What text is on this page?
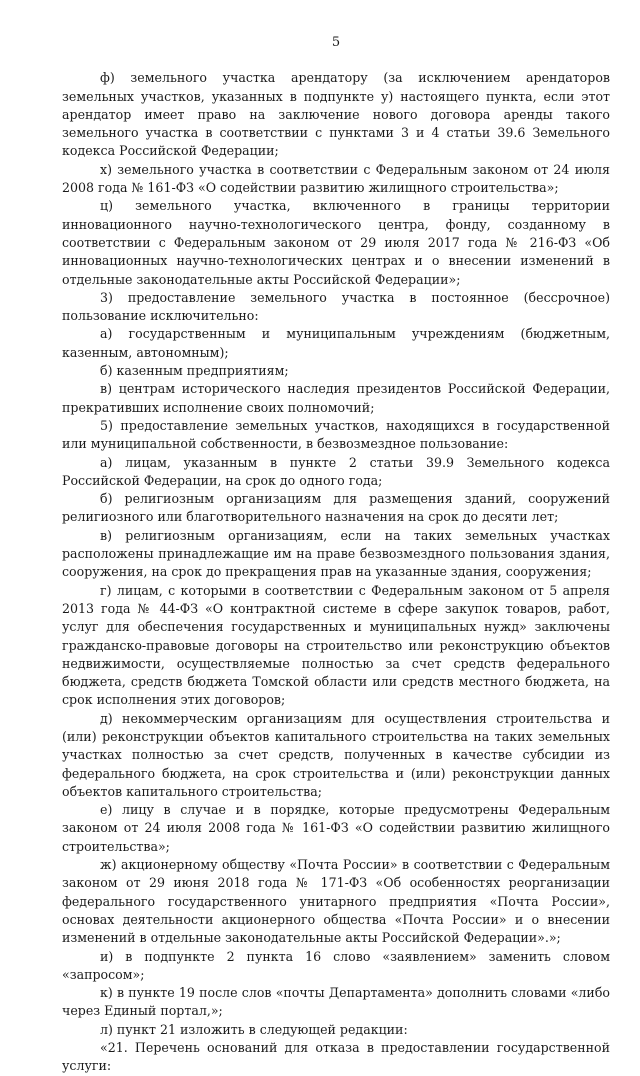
5

ф) земельного участка арендатору (за исключением арендаторов земельных участков, указанных в подпункте у) настоящего пункта, если этот арендатор имеет право на заключение нового договора аренды такого земельного участка в соответствии с пунктами 3 и 4 статьи 39.6 Земельного кодекса Российской Федерации;

х) земельного участка в соответствии с Федеральным законом от 24 июля 2008 года № 161-ФЗ «О содействии развитию жилищного строительства»;

ц) земельного участка, включенного в границы территории инновационного научно-технологического центра, фонду, созданному в соответствии с Федеральным законом от 29 июля 2017 года № 216-ФЗ «Об инновационных научно-технологических центрах и о внесении изменений в отдельные законодательные акты Российской Федерации»;

3) предоставление земельного участка в постоянное (бессрочное) пользование исключительно:

а) государственным и муниципальным учреждениям (бюджетным, казенным, автономным);

б) казенным предприятиям;

в) центрам исторического наследия президентов Российской Федерации, прекративших исполнение своих полномочий;

5) предоставление земельных участков, находящихся в государственной или муниципальной собственности, в безвозмездное пользование:

а) лицам, указанным в пункте 2 статьи 39.9 Земельного кодекса Российской Федерации, на срок до одного года;

б) религиозным организациям для размещения зданий, сооружений религиозного или благотворительного назначения на срок до десяти лет;

в) религиозным организациям, если на таких земельных участках расположены принадлежащие им на праве безвозмездного пользования здания, сооружения, на срок до прекращения прав на указанные здания, сооружения;

г) лицам, с которыми в соответствии с Федеральным законом от 5 апреля 2013 года № 44-ФЗ «О контрактной системе в сфере закупок товаров, работ, услуг для обеспечения государственных и муниципальных нужд» заключены гражданско-правовые договоры на строительство или реконструкцию объектов недвижимости, осуществляемые полностью за счет средств федерального бюджета, средств бюджета Томской области или средств местного бюджета, на срок исполнения этих договоров;

д) некоммерческим организациям для осуществления строительства и (или) реконструкции объектов капитального строительства на таких земельных участках полностью за счет средств, полученных в качестве субсидии из федерального бюджета, на срок строительства и (или) реконструкции данных объектов капитального строительства;

е) лицу в случае и в порядке, которые предусмотрены Федеральным законом от 24 июля 2008 года № 161-ФЗ «О содействии развитию жилищного строительства»;

ж) акционерному обществу «Почта России» в соответствии с Федеральным законом от 29 июня 2018 года № 171-ФЗ «Об особенностях реорганизации федерального государственного унитарного предприятия «Почта России», основах деятельности акционерного общества «Почта России» и о внесении изменений в отдельные законодательные акты Российской Федерации».»;

и) в подпункте 2 пункта 16 слово «заявлением» заменить словом «запросом»;

к) в пункте 19 после слов «почты Департамента» дополнить словами «либо через Единый портал,»;

л) пункт 21 изложить в следующей редакции:

«21. Перечень оснований для отказа в предоставлении государственной услуги:
